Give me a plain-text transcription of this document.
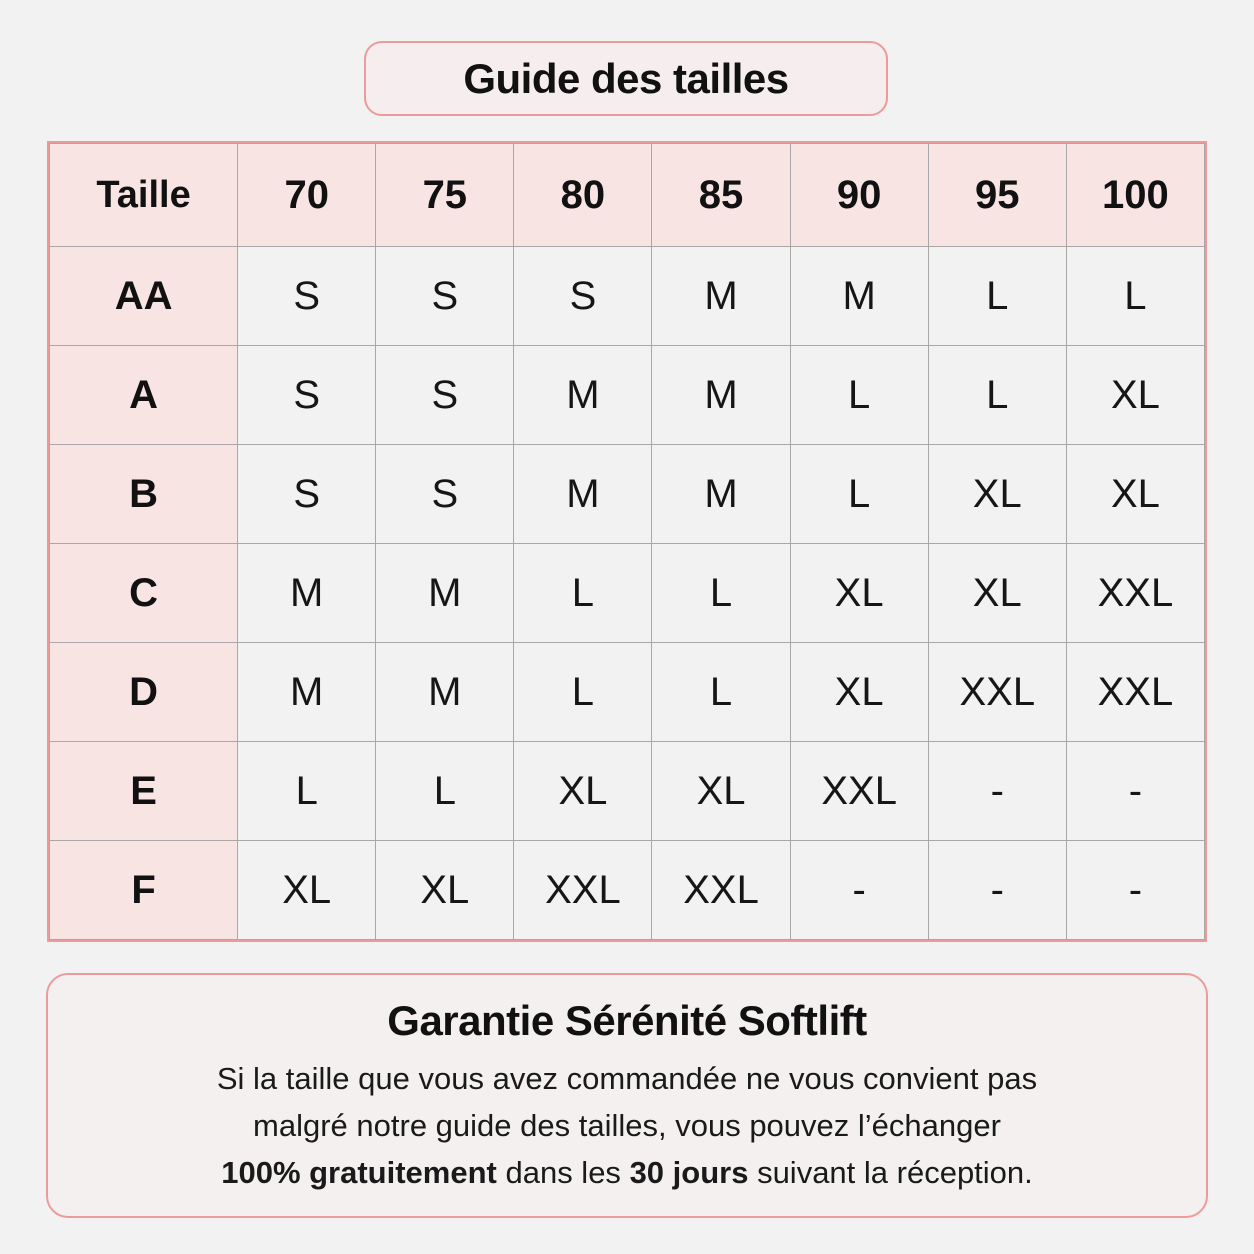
Guide des tailles
Taille	70	75	80	85	90	95	100
AA	S	S	S	M	M	L	L
A	S	S	M	M	L	L	XL
B	S	S	M	M	L	XL	XL
C	M	M	L	L	XL	XL	XXL
D	M	M	L	L	XL	XXL	XXL
E	L	L	XL	XL	XXL	-	-
F	XL	XL	XXL	XXL	-	-	-
Garantie Sérénité Softlift
Si la taille que vous avez commandée ne vous convient pas
malgré notre guide des tailles, vous pouvez l’échanger
100% gratuitement dans les 30 jours suivant la réception.
